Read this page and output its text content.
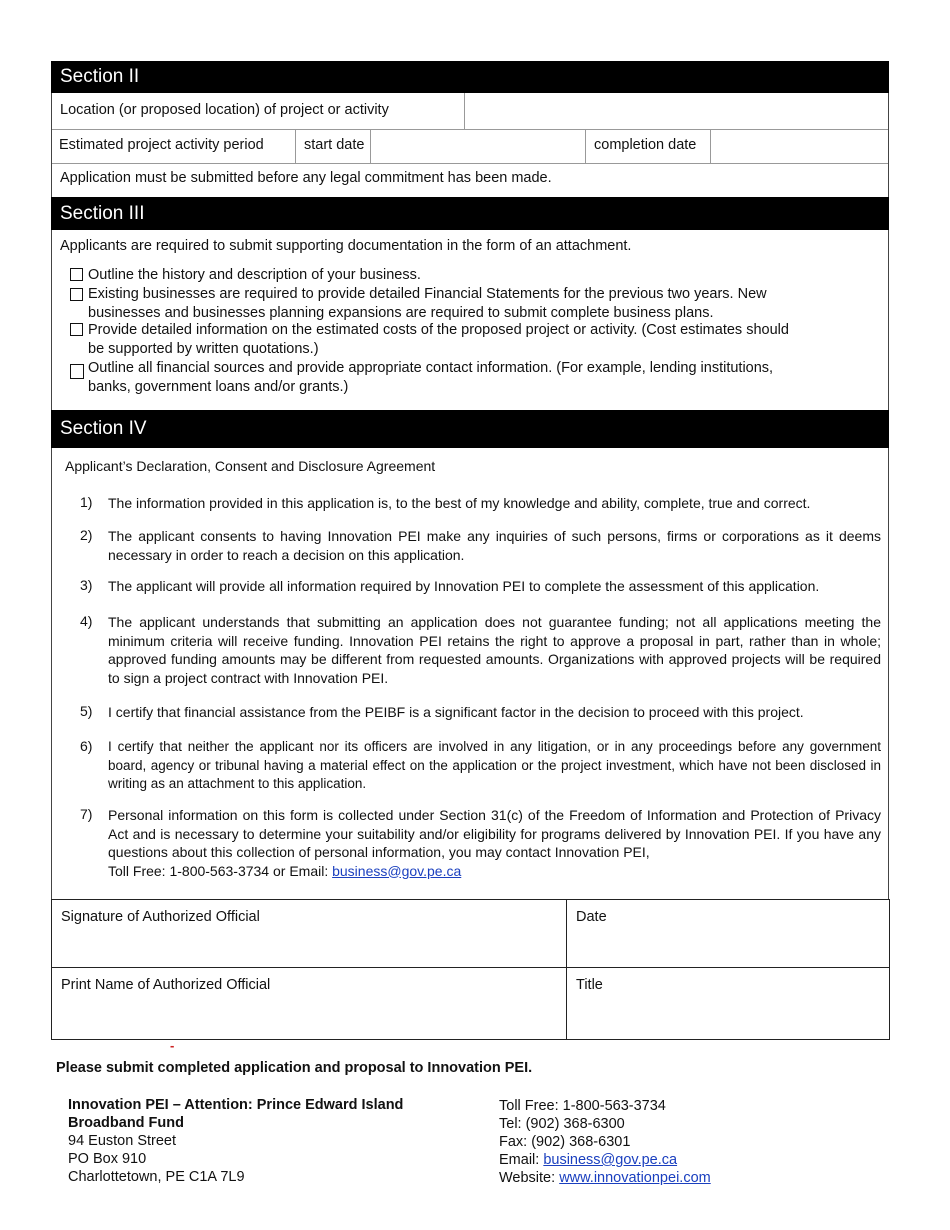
Section II
Location (or proposed location) of project or activity
Estimated project activity period	start date	completion date
Application must be submitted before any legal commitment has been made.
Section III
Applicants are required to submit supporting documentation in the form of an attachment.
Outline the history and description of your business.
Existing businesses are required to provide detailed Financial Statements for the previous two years. New
businesses and businesses planning expansions are required to submit complete business plans.
Provide detailed information on the estimated costs of the proposed project or activity. (Cost estimates should
be supported by written quotations.)
Outline all financial sources and provide appropriate contact information. (For example, lending institutions,
banks, government loans and/or grants.)
Section IV
Applicant’s Declaration, Consent and Disclosure Agreement
1) The information provided in this application is, to the best of my knowledge and ability, complete, true and correct.
2) The applicant consents to having Innovation PEI make any inquiries of such persons, firms or corporations as it deems necessary in order to reach a decision on this application.
3) The applicant will provide all information required by Innovation PEI to complete the assessment of this application.
4) The applicant understands that submitting an application does not guarantee funding; not all applications meeting the minimum criteria will receive funding. Innovation PEI retains the right to approve a proposal in part, rather than in whole; approved funding amounts may be different from requested amounts. Organizations with approved projects will be required to sign a project contract with Innovation PEI.
5) I certify that financial assistance from the PEIBF is a significant factor in the decision to proceed with this project.
6) I certify that neither the applicant nor its officers are involved in any litigation, or in any proceedings before any government board, agency or tribunal having a material effect on the application or the project investment, which have not been disclosed in writing as an attachment to this application.
7) Personal information on this form is collected under Section 31(c) of the Freedom of Information and Protection of Privacy Act and is necessary to determine your suitability and/or eligibility for programs delivered by Innovation PEI. If you have any questions about this collection of personal information, you may contact Innovation PEI,
Toll Free: 1-800-563-3734 or Email: business@gov.pe.ca
Signature of Authorized Official	Date
Print Name of Authorized Official	Title
-
Please submit completed application and proposal to Innovation PEI.
Innovation PEI – Attention: Prince Edward Island
Broadband Fund
94 Euston Street
PO Box 910
Charlottetown, PE C1A 7L9
Toll Free: 1-800-563-3734
Tel: (902) 368-6300
Fax: (902) 368-6301
Email: business@gov.pe.ca
Website: www.innovationpei.com
